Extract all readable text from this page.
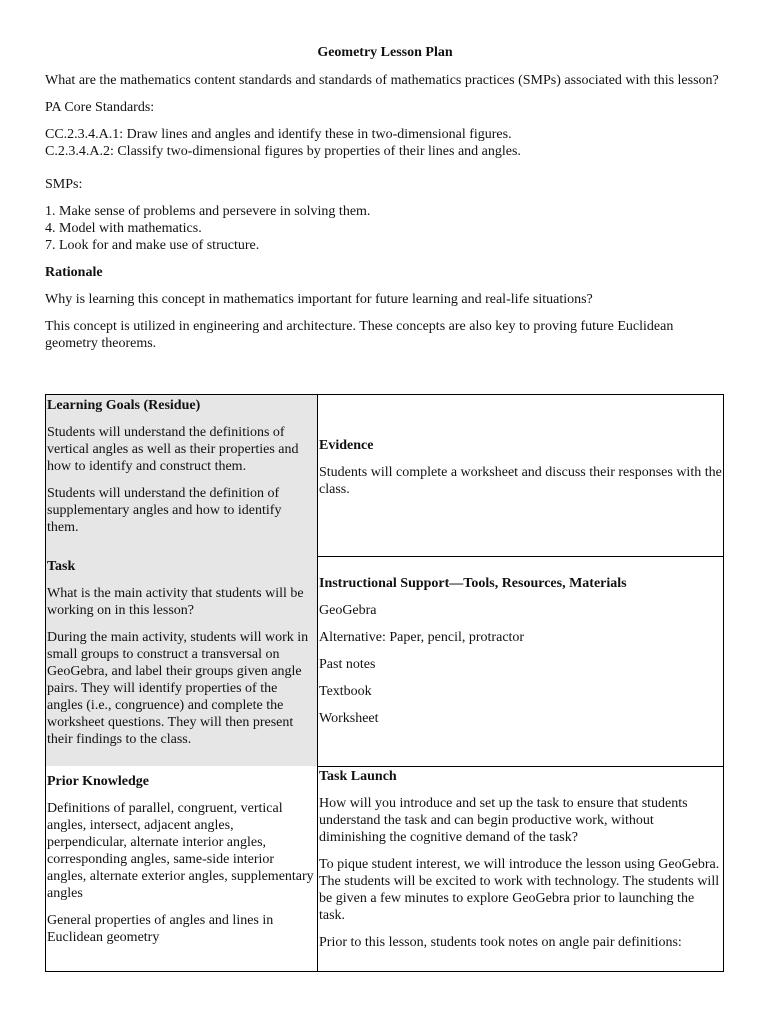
Geometry Lesson Plan

What are the mathematics content standards and standards of mathematics practices (SMPs) associated with this lesson?

PA Core Standards:

CC.2.3.4.A.1: Draw lines and angles and identify these in two-dimensional figures.

C.2.3.4.A.2: Classify two-dimensional figures by properties of their lines and angles.

SMPs:

1. Make sense of problems and persevere in solving them.

4. Model with mathematics.

7. Look for and make use of structure.

Rationale

Why is learning this concept in mathematics important for future learning and real-life situations?

This concept is utilized in engineering and architecture. These concepts are also key to proving future Euclidean geometry theorems.

Learning Goals (Residue)

Students will understand the definitions of vertical angles as well as their properties and how to identify and construct them.

Students will understand the definition of supplementary angles and how to identify them.

Evidence

Students will complete a worksheet and discuss their responses with the class.

Task

What is the main activity that students will be working on in this lesson?

During the main activity, students will work in small groups to construct a transversal on GeoGebra, and label their groups given angle pairs. They will identify properties of the angles (i.e., congruence) and complete the worksheet questions. They will then present their findings to the class.

Instructional Support—Tools, Resources, Materials

GeoGebra

Alternative: Paper, pencil, protractor

Past notes

Textbook

Worksheet

Prior Knowledge

Definitions of parallel, congruent, vertical angles, intersect, adjacent angles, perpendicular, alternate interior angles, corresponding angles, same-side interior angles, alternate exterior angles, supplementary angles

General properties of angles and lines in Euclidean geometry

Task Launch

How will you introduce and set up the task to ensure that students understand the task and can begin productive work, without diminishing the cognitive demand of the task?

To pique student interest, we will introduce the lesson using GeoGebra. The students will be excited to work with technology. The students will be given a few minutes to explore GeoGebra prior to launching the task.

Prior to this lesson, students took notes on angle pair definitions:
